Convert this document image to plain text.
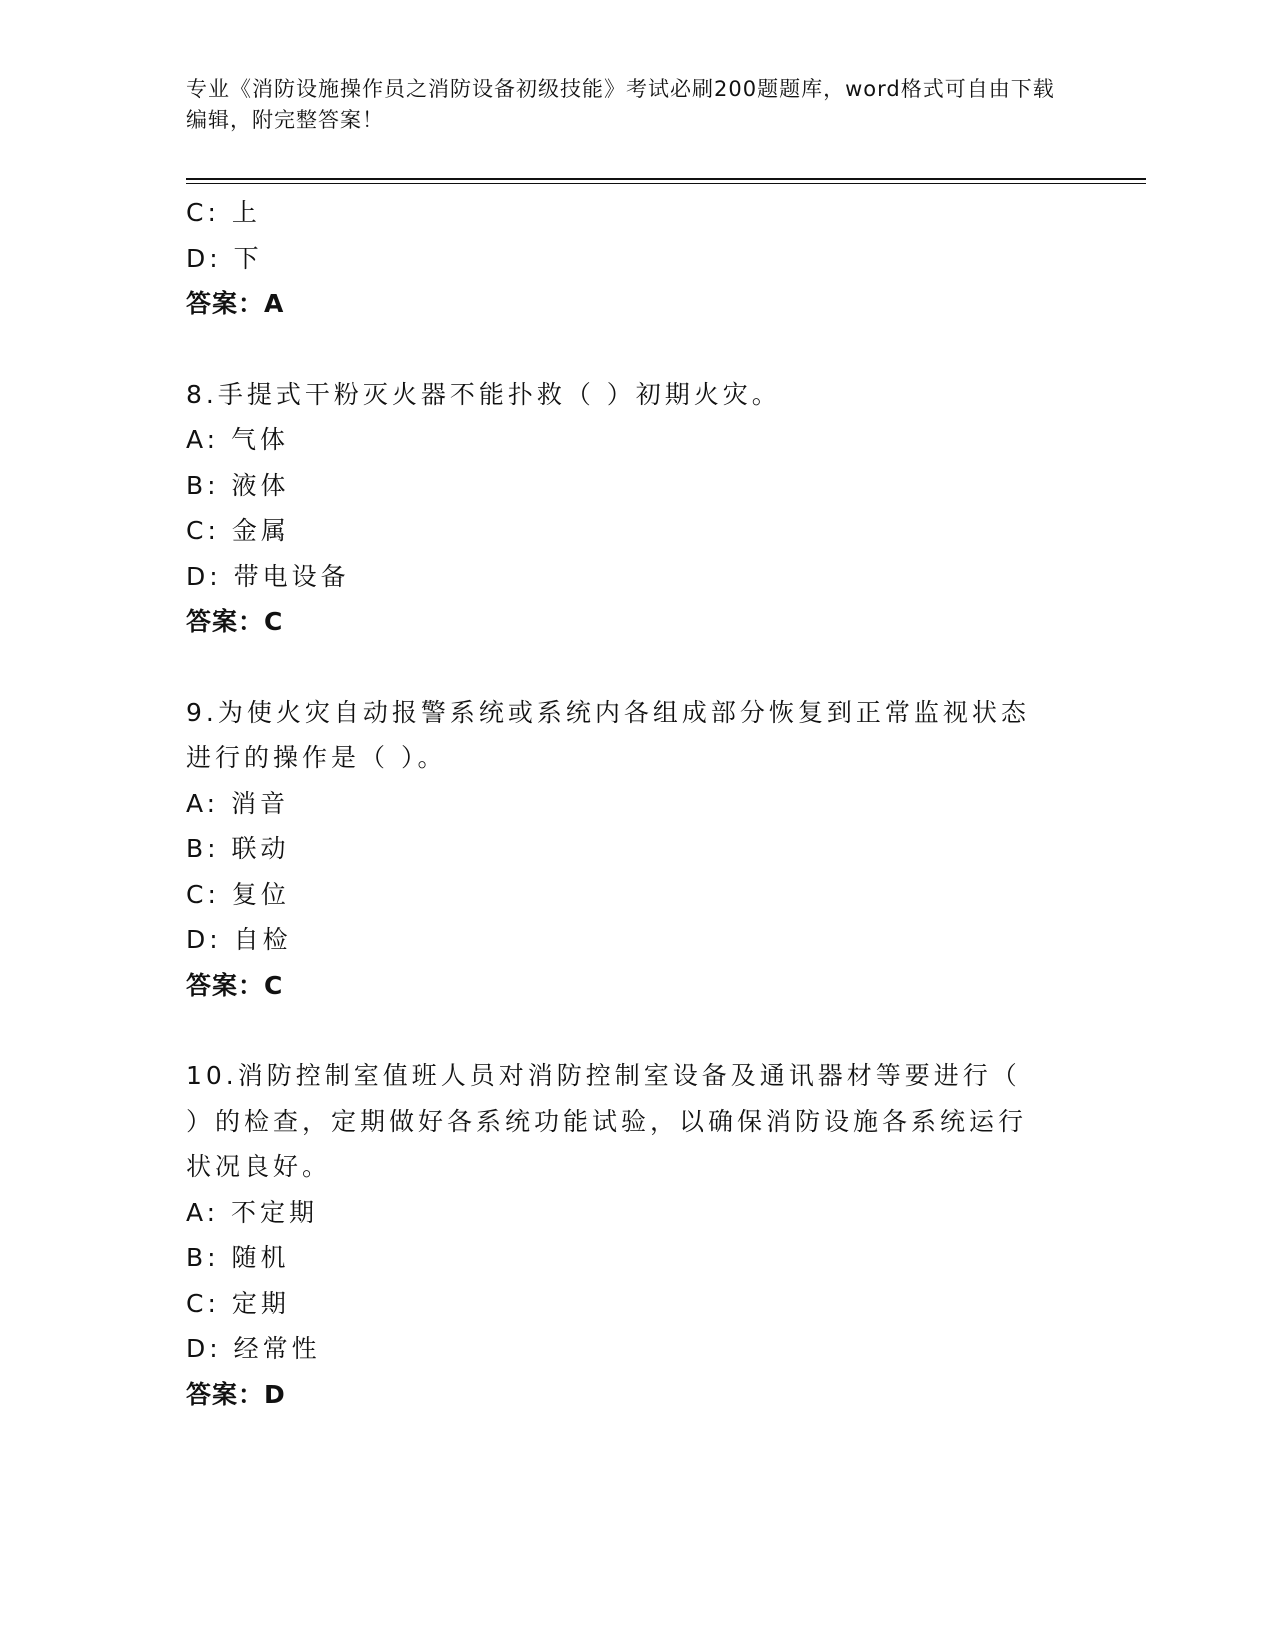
专业《消防设施操作员之消防设备初级技能》考试必刷200题题库，word格式可自由下载编辑，附完整答案！
C: 上
D: 下
答案：A
8.手提式干粉灭火器不能扑救（ ）初期火灾。
A: 气体
B: 液体
C: 金属
D: 带电设备
答案：C
9.为使火灾自动报警系统或系统内各组成部分恢复到正常监视状态进行的操作是（ ）。
A: 消音
B: 联动
C: 复位
D: 自检
答案：C
10.消防控制室值班人员对消防控制室设备及通讯器材等要进行（ ）的检查，定期做好各系统功能试验，以确保消防设施各系统运行状况良好。
A: 不定期
B: 随机
C: 定期
D: 经常性
答案：D
